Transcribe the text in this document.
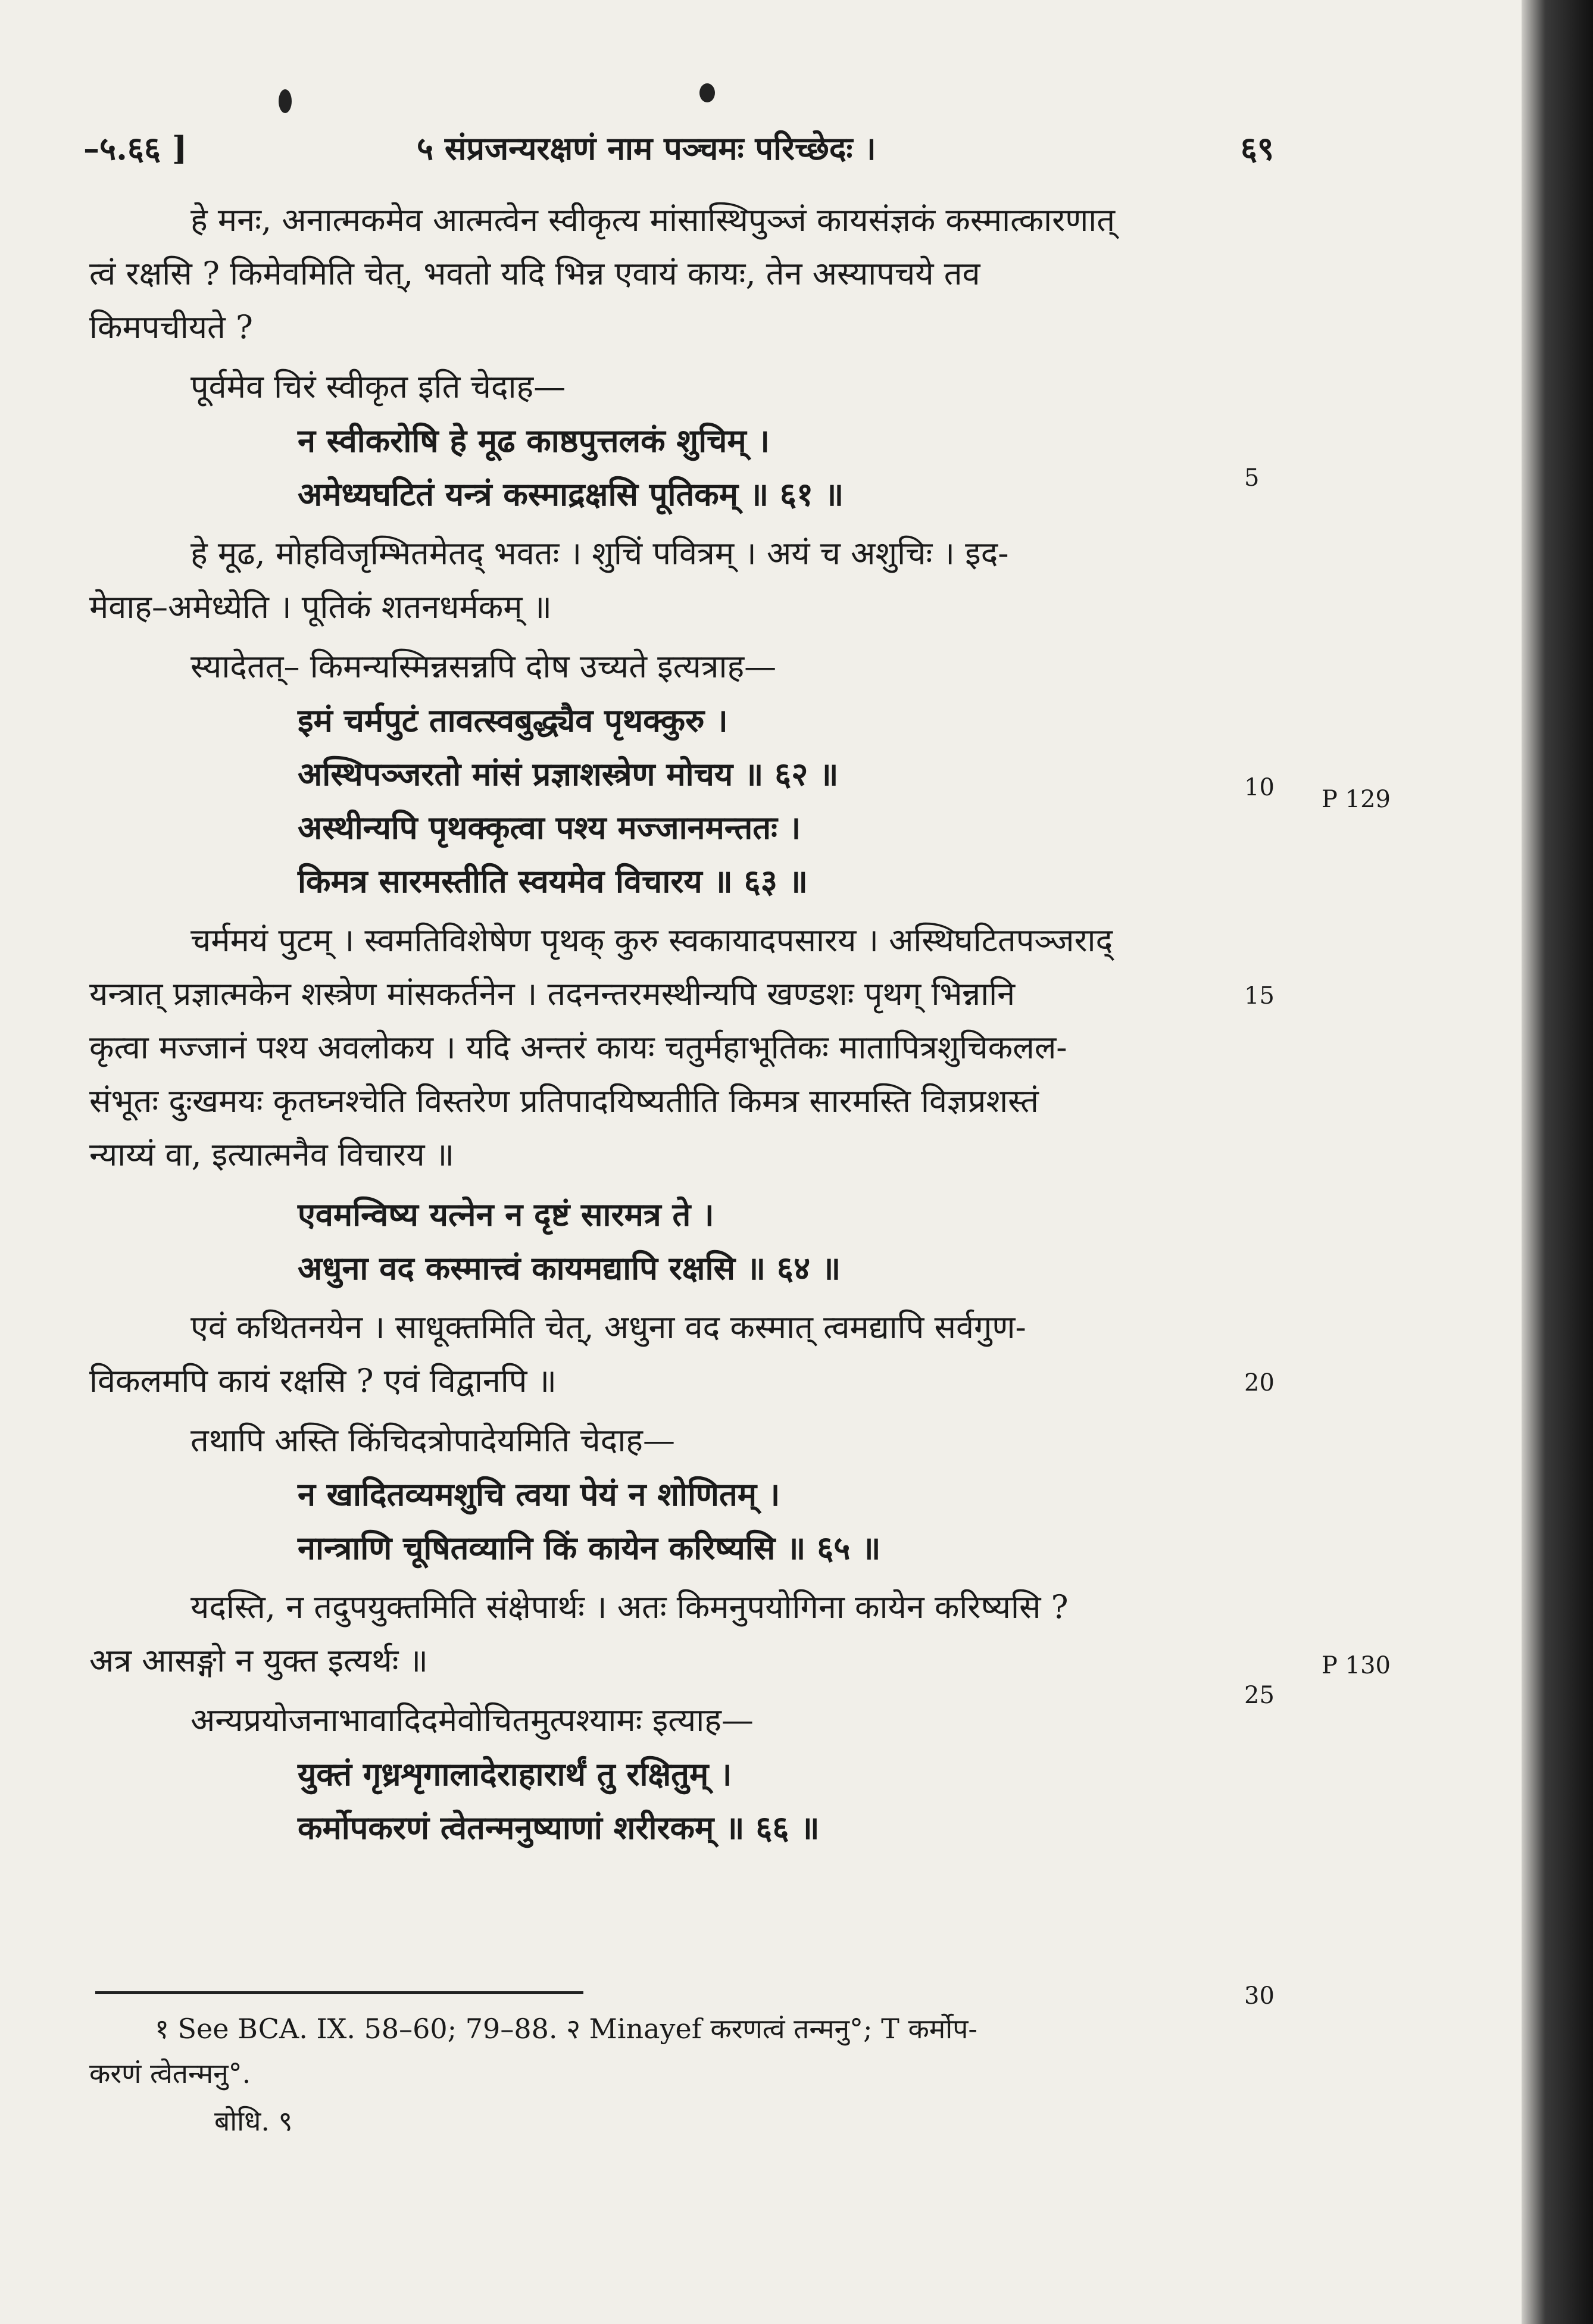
–५.६६ ]	५ संप्रजन्यरक्षणं नाम पञ्चमः परिच्छेदः ।	६९
हे मनः, अनात्मकमेव आत्मत्वेन स्वीकृत्य मांसास्थिपुञ्जं कायसंज्ञकं कस्मात्कारणात्
त्वं रक्षसि ? किमेवमिति चेत्, भवतो यदि भिन्न एवायं कायः, तेन अस्यापचये तव
किमपचीयते ?
पूर्वमेव चिरं स्वीकृत इति चेदाह—
न स्वीकरोषि हे मूढ काष्ठपुत्तलकं शुचिम् ।
अमेध्यघटितं यन्त्रं कस्माद्रक्षसि पूतिकम् ॥ ६१ ॥
हे मूढ, मोहविजृम्भितमेतद् भवतः । शुचिं पवित्रम् । अयं च अशुचिः । इद-
मेवाह–अमेध्येति । पूतिकं शतनधर्मकम् ॥
स्यादेतत्– किमन्यस्मिन्नसन्नपि दोष उच्यते इत्यत्राह—
इमं चर्मपुटं तावत्स्वबुद्ध्यैव पृथक्कुरु ।
अस्थिपञ्जरतो मांसं प्रज्ञाशस्त्रेण मोचय ॥ ६२ ॥
अस्थीन्यपि पृथक्कृत्वा पश्य मज्जानमन्ततः ।
किमत्र सारमस्तीति स्वयमेव विचारय ॥ ६३ ॥
चर्ममयं पुटम् । स्वमतिविशेषेण पृथक् कुरु स्वकायादपसारय । अस्थिघटितपञ्जराद्
यन्त्रात् प्रज्ञात्मकेन शस्त्रेण मांसकर्तनेन । तदनन्तरमस्थीन्यपि खण्डशः पृथग् भिन्नानि
कृत्वा मज्जानं पश्य अवलोकय । यदि अन्तरं कायः चतुर्महाभूतिकः मातापित्रशुचिकलल-
संभूतः दुःखमयः कृतघ्नश्चेति विस्तरेण प्रतिपादयिष्यतीति किमत्र सारमस्ति विज्ञप्रशस्तं
न्याय्यं वा, इत्यात्मनैव विचारय ॥
एवमन्विष्य यत्नेन न दृष्टं सारमत्र ते ।
अधुना वद कस्मात्त्वं कायमद्यापि रक्षसि ॥ ६४ ॥
एवं कथितनयेन । साधूक्तमिति चेत्, अधुना वद कस्मात् त्वमद्यापि सर्वगुण-
विकलमपि कायं रक्षसि ? एवं विद्वानपि ॥
तथापि अस्ति किंचिदत्रोपादेयमिति चेदाह—
न खादितव्यमशुचि त्वया पेयं न शोणितम् ।
नान्त्राणि चूषितव्यानि किं कायेन करिष्यसि ॥ ६५ ॥
यदस्ति, न तदुपयुक्तमिति संक्षेपार्थः । अतः किमनुपयोगिना कायेन करिष्यसि ?
अत्र आसङ्गो न युक्त इत्यर्थः ॥
अन्यप्रयोजनाभावादिदमेवोचितमुत्पश्यामः इत्याह—
युक्तं गृध्रशृगालादेराहारार्थं तु रक्षितुम् ।
कर्मोपकरणं त्वेतन्मनुष्याणां शरीरकम् ॥ ६६ ॥
5
10
15
20
25
30
P 129
P 130
१ See BCA. IX. 58–60; 79–88. २ Minayef करणत्वं तन्मनु°; T कर्मोप-
करणं त्वेतन्मनु°.
बोधि. ९
